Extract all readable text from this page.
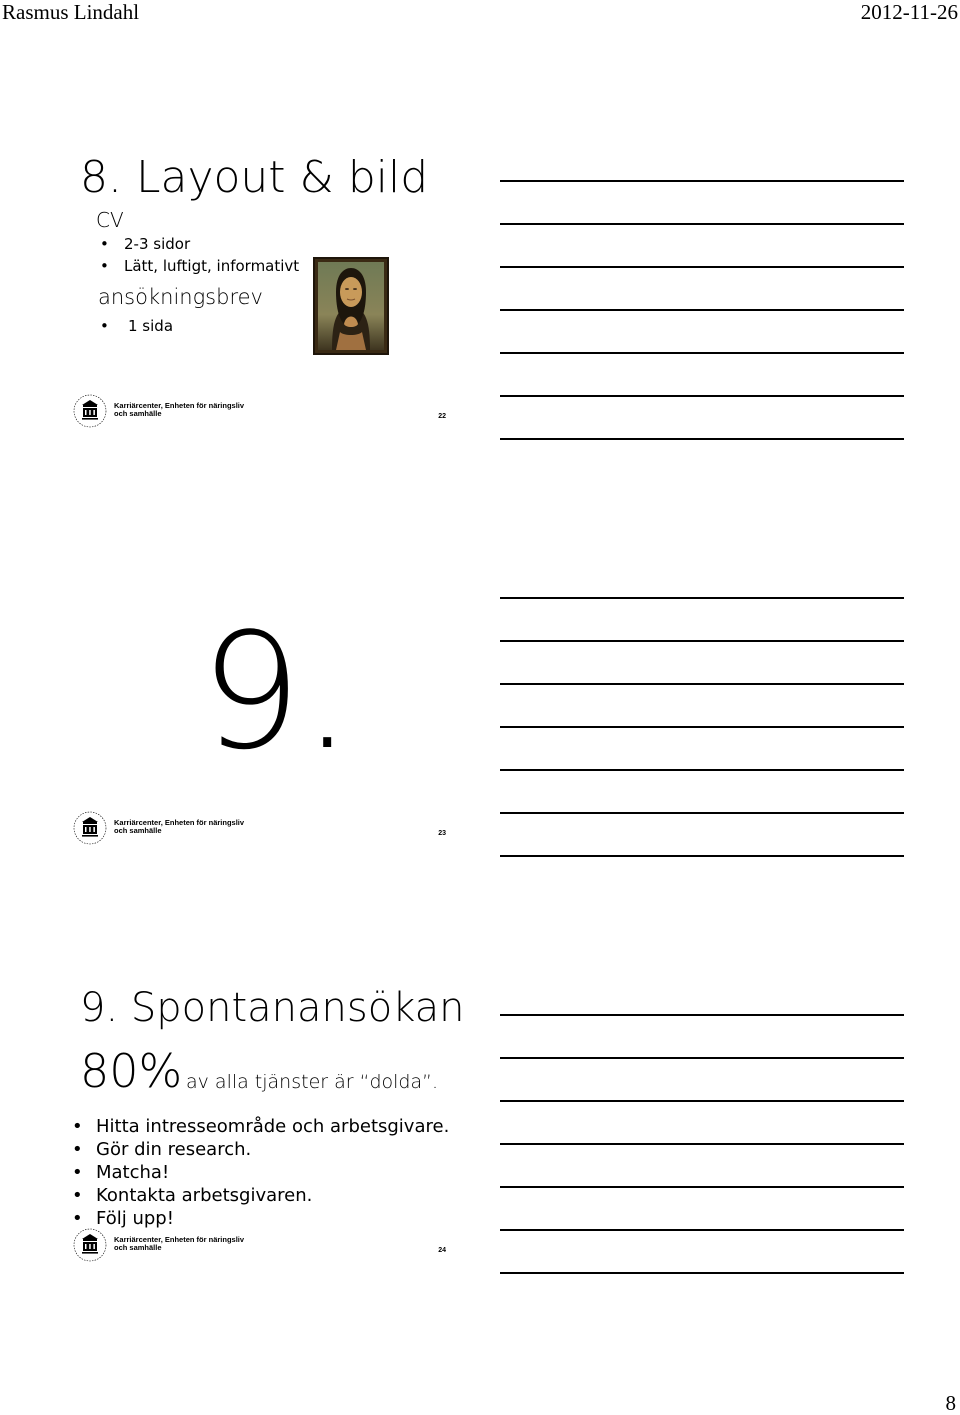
Rasmus Lindahl	2012-11-26
8. Layout & bild
CV
• 2-3 sidor
• Lätt, luftigt, informativt
ansökningsbrev
• 1 sida
Karriärcenter, Enheten för näringsliv
och samhälle	22
9.
Karriärcenter, Enheten för näringsliv
och samhälle	23
9. Spontanansökan
80% av alla tjänster är “dolda”.
• Hitta intresseområde och arbetsgivare.
• Gör din research.
• Matcha!
• Kontakta arbetsgivaren.
• Följ upp!
Karriärcenter, Enheten för näringsliv
och samhälle	24
8
